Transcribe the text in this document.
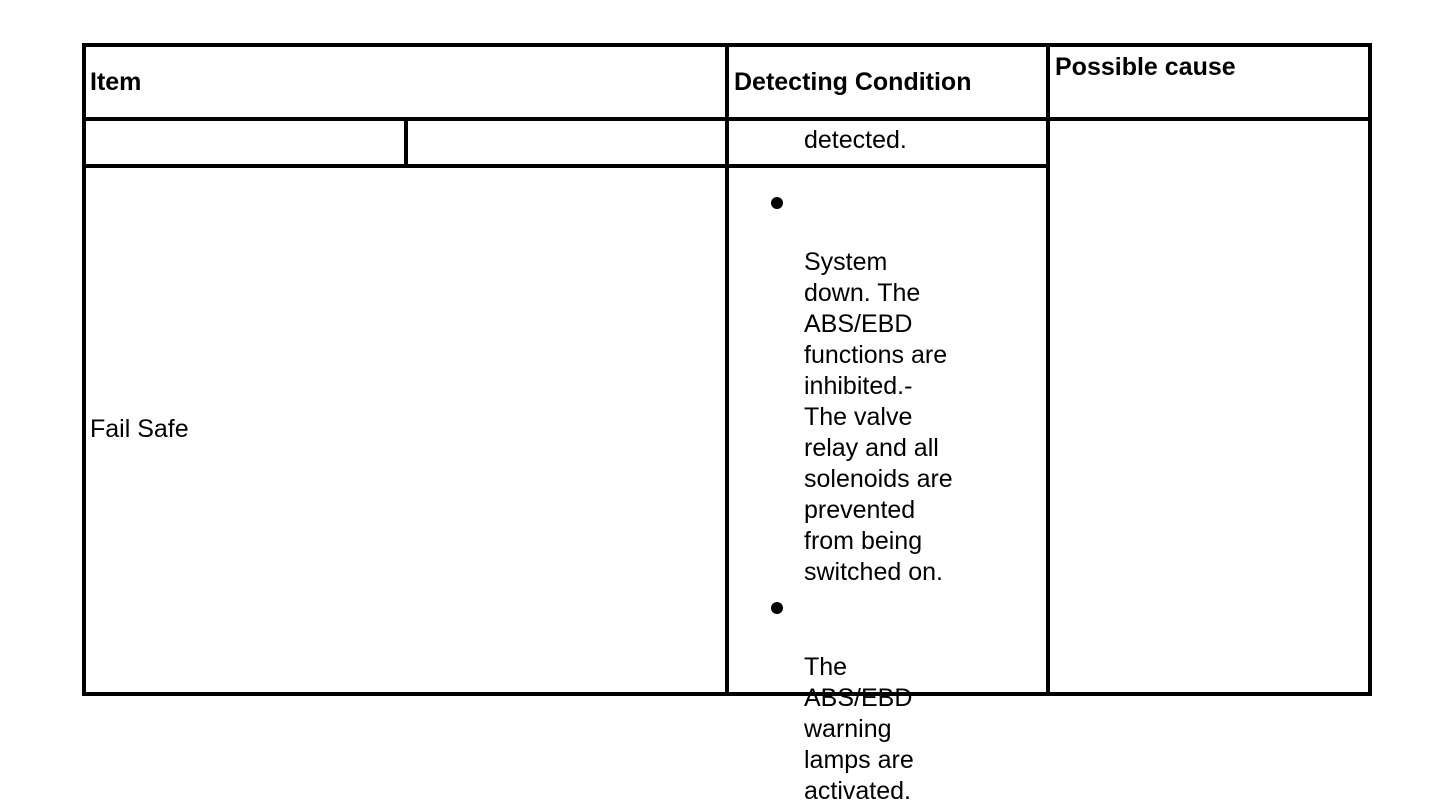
Item	Detecting Condition
Possible cause
detected.
Fail Safe

System
down. The
ABS/EBD
functions are
inhibited.-
The valve
relay and all
solenoids are
prevented
from being
switched on.

The
ABS/EBD
warning
lamps are
activated.
